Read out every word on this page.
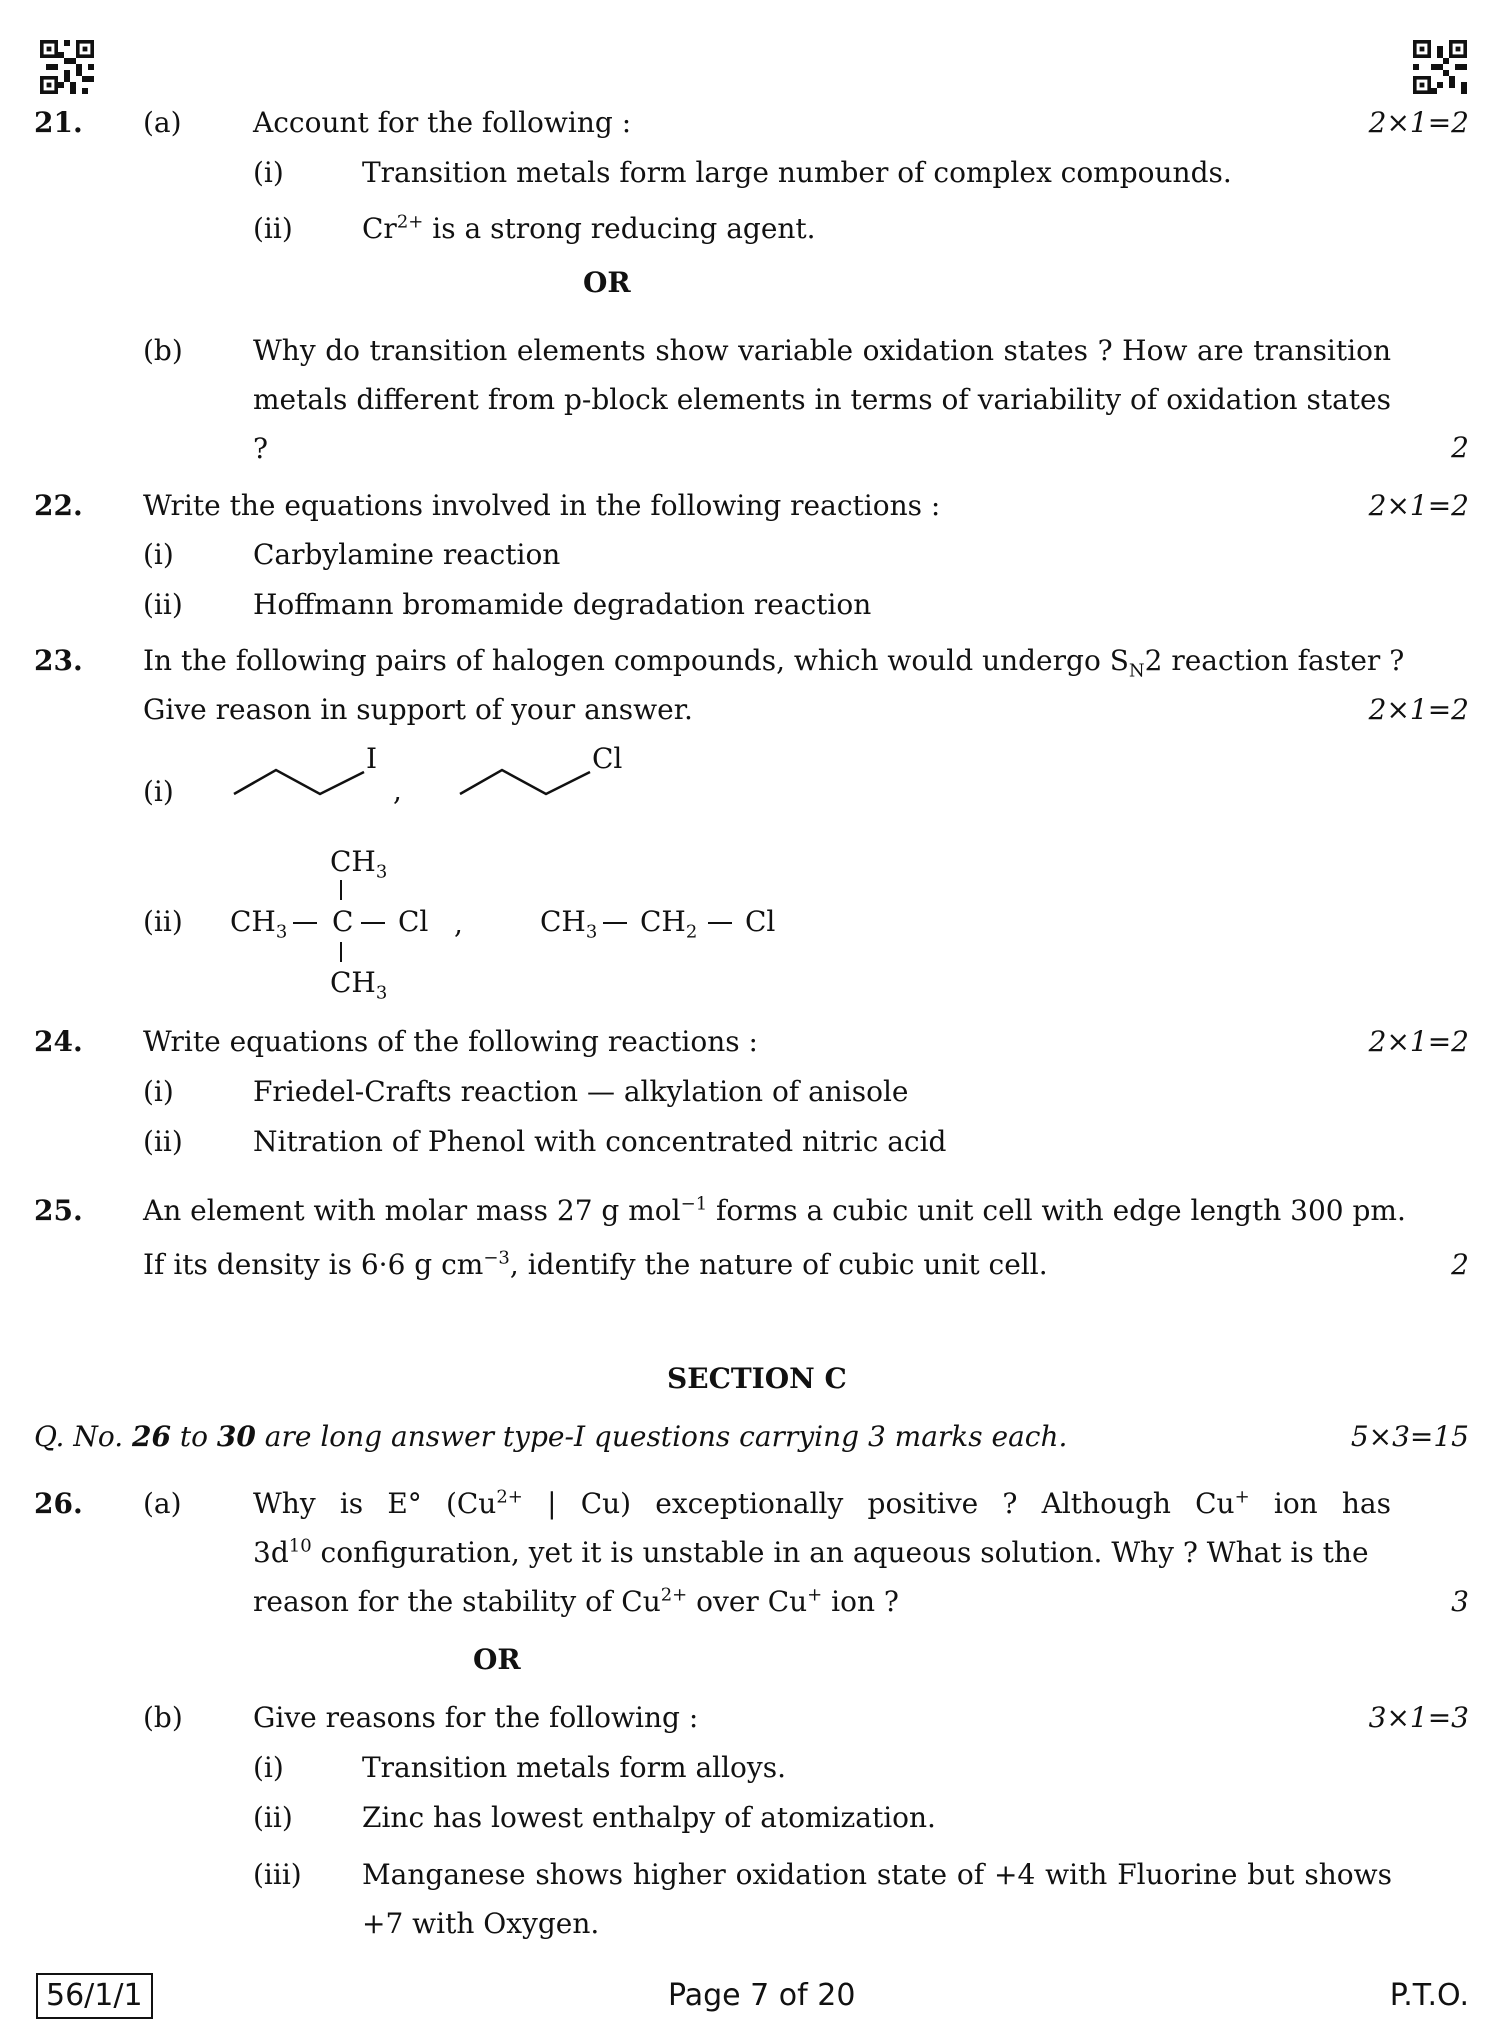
21. (a)	Account for the following :	2×1=2
(i)	Transition metals form large number of complex compounds.
(ii) $Cr^{2+}$ is a strong reducing agent.
OR
(b)	Why do transition elements show variable oxidation states ? How are transition metals different from p-block elements in terms of variability of oxidation states ?	2
22. Write the equations involved in the following reactions :	2×1=2
(i)	Carbylamine reaction
(ii)	Hoffmann bromamide degradation reaction
23. In the following pairs of halogen compounds, which would undergo $S_N2$ reaction faster ?
Give reason in support of your answer.	2×1=2
(i)
I
,
Cl
(ii)
$CH_3$
$CH_3$ C Cl
$CH_3$
,	$CH_3$ $CH_2$ Cl
24. Write equations of the following reactions :	2×1=2
(i)	Friedel-Crafts reaction — alkylation of anisole
(ii)	Nitration of Phenol with concentrated nitric acid
25. An element with molar mass 27 g mol$^{-1}$ forms a cubic unit cell with edge length 300 pm.
If its density is 6·6 g $cm^{-3}$, identify the nature of cubic unit cell.	2
SECTION C
Q. No. 26 to 30 are long answer type-I questions carrying 3 marks each.	5×3=15
26. (a)	Why is E° ($Cu^{2+}$ | Cu) exceptionally positive ? Although Cu+ ion has
$3d^{10}$ configuration, yet it is unstable in an aqueous solution. Why ? What is the
reason for the stability of $Cu^{2+}$ over Cu+ ion ?	3
OR
(b)	Give reasons for the following :	3×1=3
(i)	Transition metals form alloys.
(ii) Zinc has lowest enthalpy of atomization.
(iii) Manganese shows higher oxidation state of +4 with Fluorine but shows
+7 with Oxygen.
56/1/1	Page 7 of 20	P.T.O.
